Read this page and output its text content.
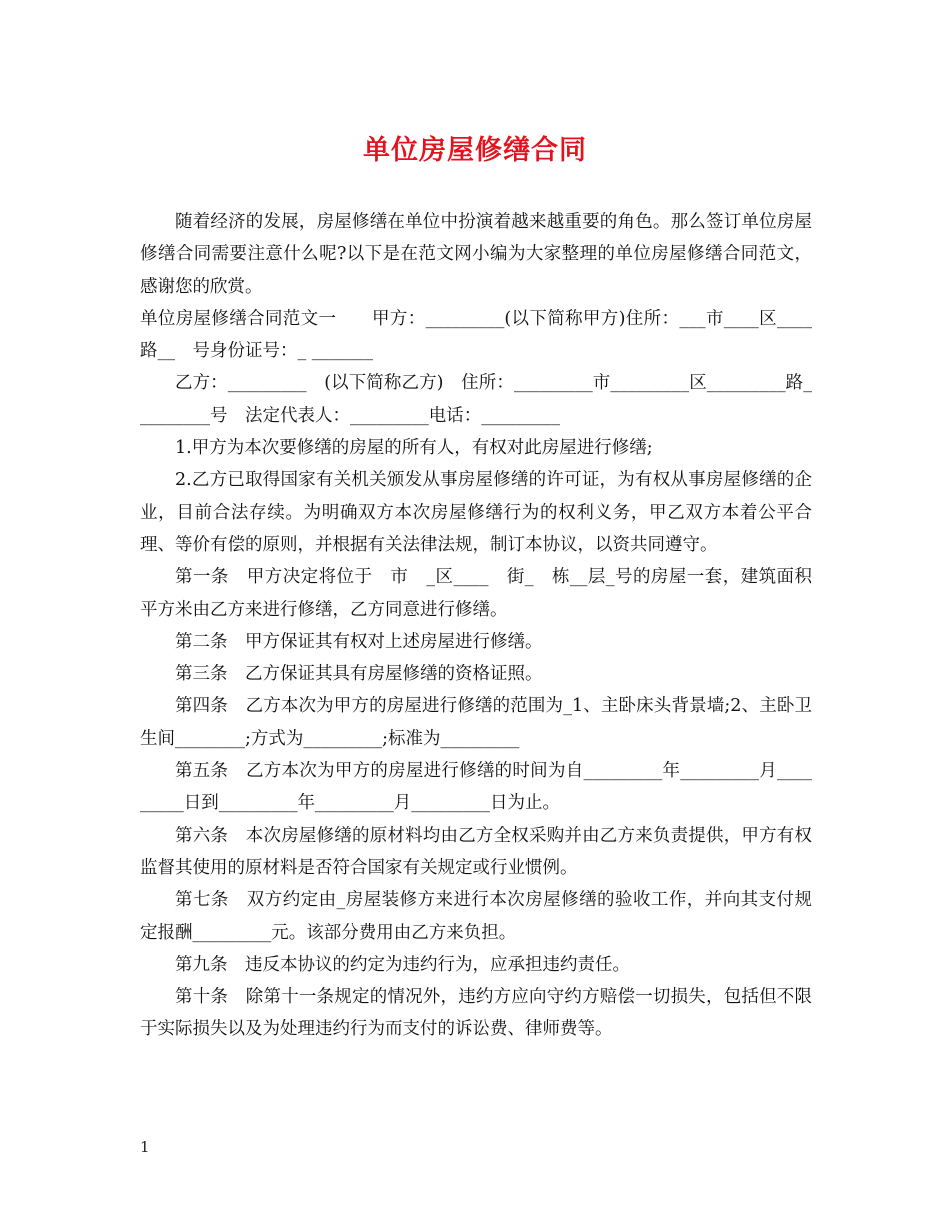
单位房屋修缮合同

随着经济的发展，房屋修缮在单位中扮演着越来越重要的角色。那么签订单位房屋修缮合同需要注意什么呢?以下是在范文网小编为大家整理的单位房屋修缮合同范文，感谢您的欣赏。

单位房屋修缮合同范文一　　甲方：_________(以下简称甲方)住所：___市____区____路__　号身份证号：_ _______

乙方：_________　(以下简称乙方)　住所：_________市_________区_________路_________号　法定代表人：_________电话：_________

1.甲方为本次要修缮的房屋的所有人，有权对此房屋进行修缮;

2.乙方已取得国家有关机关颁发从事房屋修缮的许可证，为有权从事房屋修缮的企业，目前合法存续。为明确双方本次房屋修缮行为的权利义务，甲乙双方本着公平合理、等价有偿的原则，并根据有关法律法规，制订本协议，以资共同遵守。

第一条　甲方决定将位于　市　_区____　街_　栋__层_号的房屋一套，建筑面积平方米由乙方来进行修缮，乙方同意进行修缮。

第二条　甲方保证其有权对上述房屋进行修缮。

第三条　乙方保证其具有房屋修缮的资格证照。

第四条　乙方本次为甲方的房屋进行修缮的范围为_1、主卧床头背景墙;2、主卧卫生间________;方式为_________;标准为_________

第五条　乙方本次为甲方的房屋进行修缮的时间为自_________年_________月_________日到_________年_________月_________日为止。

第六条　本次房屋修缮的原材料均由乙方全权采购并由乙方来负责提供，甲方有权监督其使用的原材料是否符合国家有关规定或行业惯例。

第七条　双方约定由_房屋装修方来进行本次房屋修缮的验收工作，并向其支付规定报酬_________元。该部分费用由乙方来负担。

第九条　违反本协议的约定为违约行为，应承担违约责任。

第十条　除第十一条规定的情况外，违约方应向守约方赔偿一切损失，包括但不限于实际损失以及为处理违约行为而支付的诉讼费、律师费等。

1
